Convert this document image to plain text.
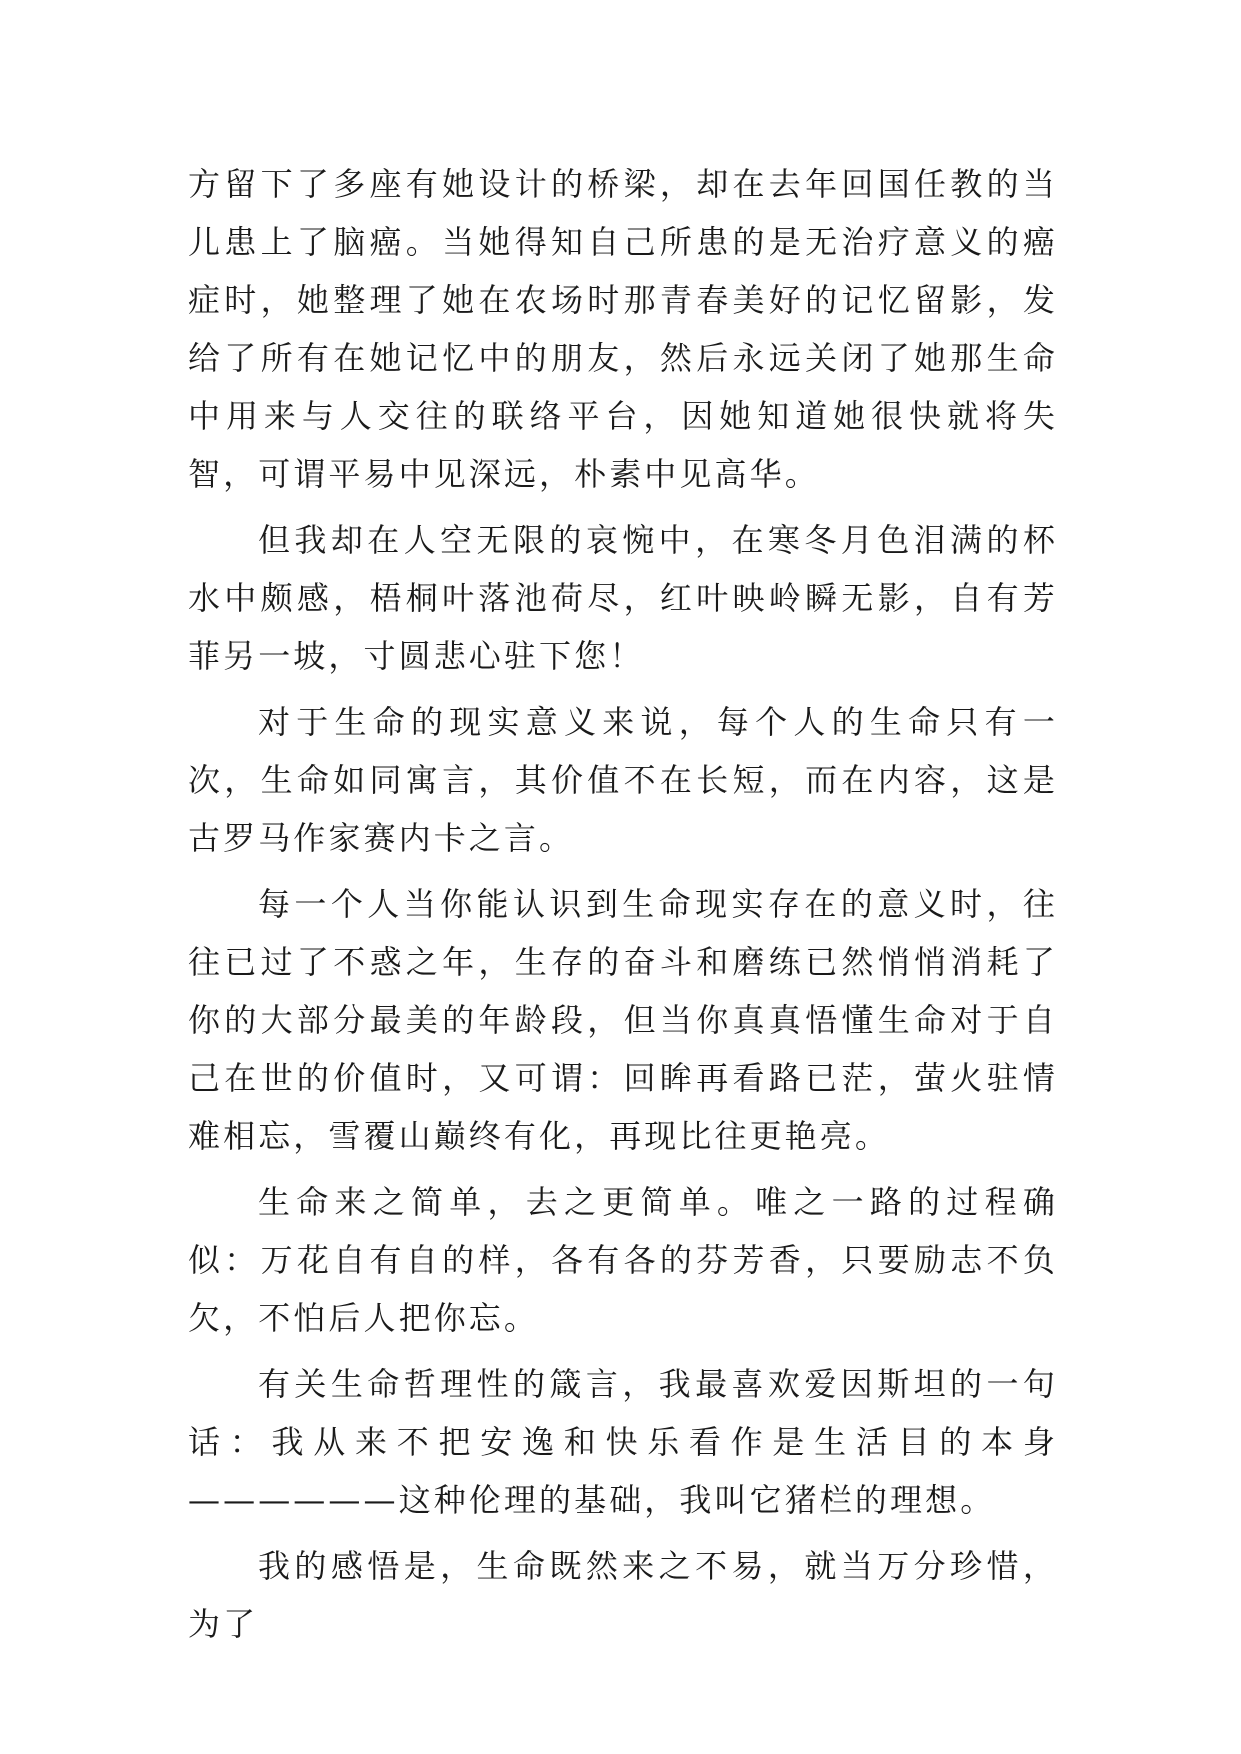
方留下了多座有她设计的桥梁，却在去年回国任教的当儿患上了脑癌。当她得知自己所患的是无治疗意义的癌症时，她整理了她在农场时那青春美好的记忆留影，发给了所有在她记忆中的朋友，然后永远关闭了她那生命中用来与人交往的联络平台，因她知道她很快就将失智，可谓平易中见深远，朴素中见高华。

但我却在人空无限的哀惋中，在寒冬月色泪满的杯水中颇感，梧桐叶落池荷尽，红叶映岭瞬无影，自有芳菲另一坡，寸圆悲心驻下您！

对于生命的现实意义来说，每个人的生命只有一次，生命如同寓言，其价值不在长短，而在内容，这是古罗马作家赛内卡之言。

每一个人当你能认识到生命现实存在的意义时，往往已过了不惑之年，生存的奋斗和磨练已然悄悄消耗了你的大部分最美的年龄段，但当你真真悟懂生命对于自己在世的价值时，又可谓：回眸再看路已茫，萤火驻情难相忘，雪覆山巅终有化，再现比往更艳亮。

生命来之简单，去之更简单。唯之一路的过程确似：万花自有自的样，各有各的芬芳香，只要励志不负欠，不怕后人把你忘。

有关生命哲理性的箴言，我最喜欢爱因斯坦的一句话：我从来不把安逸和快乐看作是生活目的本身——————这种伦理的基础，我叫它猪栏的理想。

我的感悟是，生命既然来之不易，就当万分珍惜，为了
